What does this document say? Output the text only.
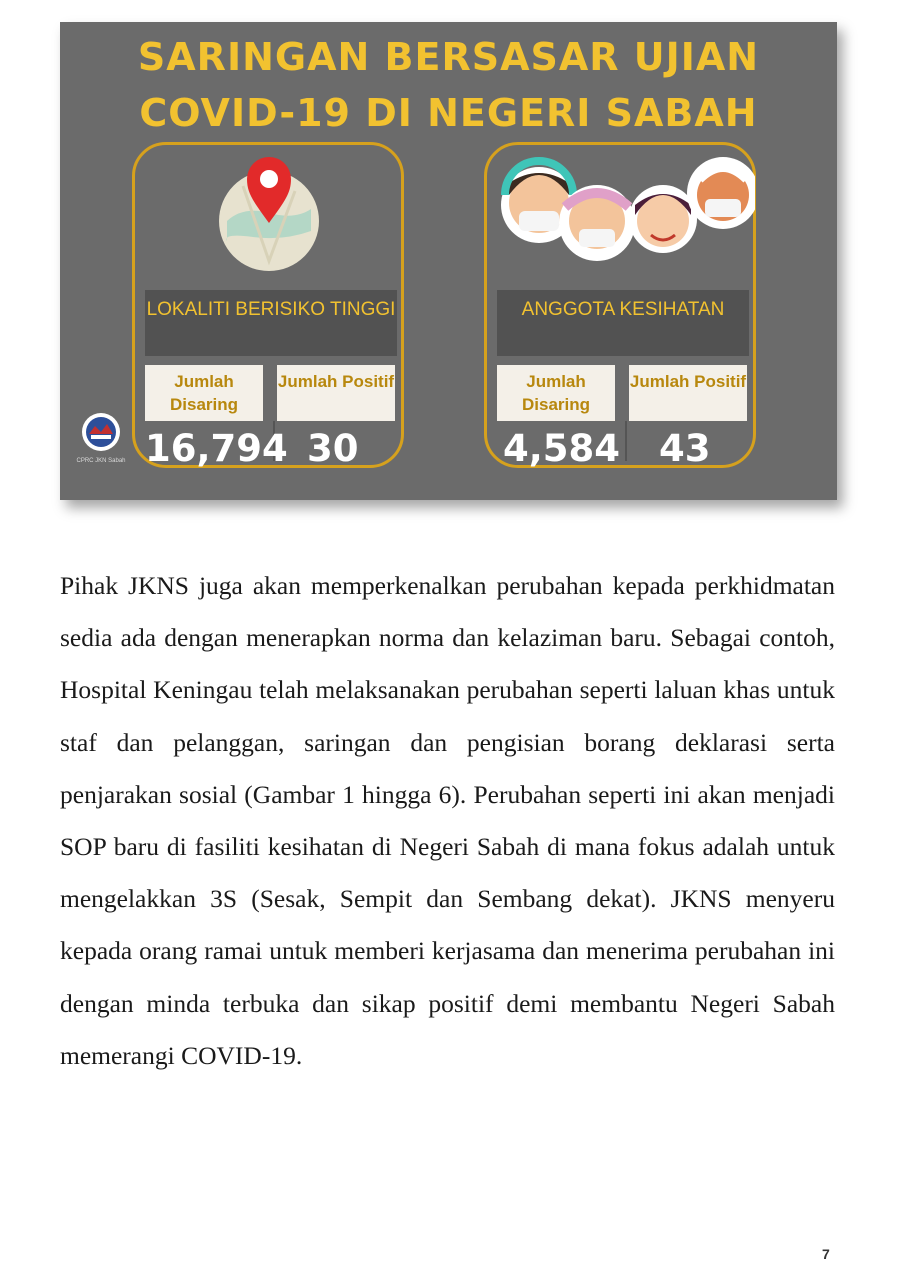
SARINGAN BERSASAR UJIAN
COVID-19 DI NEGERI SABAH
LOKALITI BERISIKO TINGGI
Jumlah Disaring
Jumlah Positif
16,794 30
ANGGOTA KESIHATAN
Jumlah Disaring
Jumlah Positif
4,584 43
CPRC JKN Sabah

Pihak JKNS juga akan memperkenalkan perubahan kepada perkhidmatan sedia ada dengan menerapkan norma dan kelaziman baru. Sebagai contoh, Hospital Keningau telah melaksanakan perubahan seperti laluan khas untuk staf dan pelanggan, saringan dan pengisian borang deklarasi serta penjarakan sosial (Gambar 1 hingga 6). Perubahan seperti ini akan menjadi SOP baru di fasiliti kesihatan di Negeri Sabah di mana fokus adalah untuk mengelakkan 3S (Sesak, Sempit dan Sembang dekat). JKNS menyeru kepada orang ramai untuk memberi kerjasama dan menerima perubahan ini dengan minda terbuka dan sikap positif demi membantu Negeri Sabah memerangi COVID-19.

7
